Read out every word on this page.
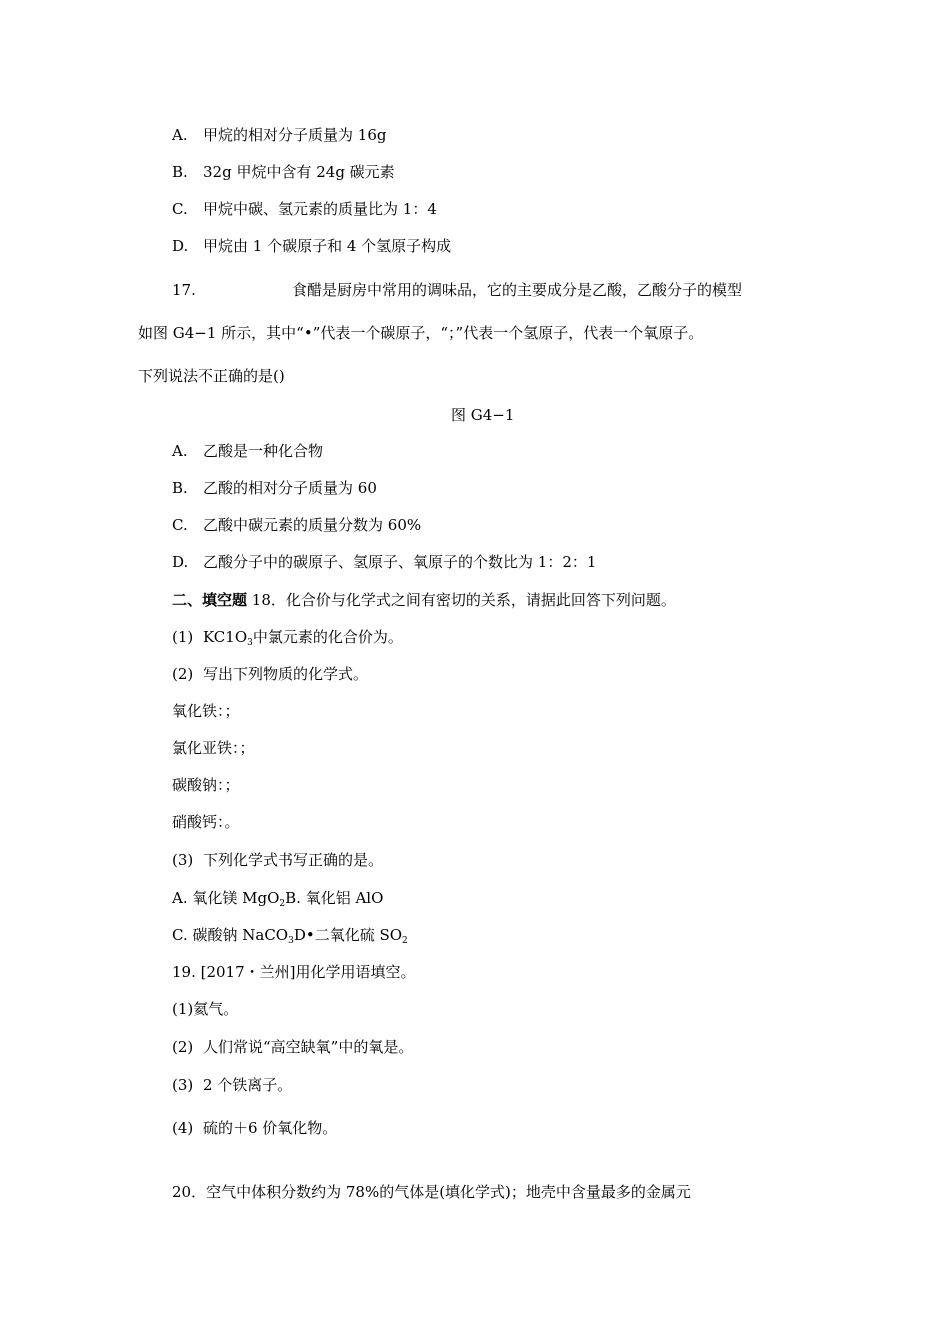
A. 甲烷的相对分子质量为 16g
B. 32g 甲烷中含有 24g 碳元素
C. 甲烷中碳、氢元素的质量比为 1：4
D. 甲烷由 1 个碳原子和 4 个氢原子构成
17.	食醋是厨房中常用的调味品，它的主要成分是乙酸，乙酸分子的模型
如图 G4−1 所示，其中“•”代表一个碳原子，“；”代表一个氢原子，代表一个氧原子。
下列说法不正确的是()
图 G4−1
A. 乙酸是一种化合物
B. 乙酸的相对分子质量为 60
C. 乙酸中碳元素的质量分数为 60%
D. 乙酸分子中的碳原子、氢原子、氧原子的个数比为 1：2：1
二、填空题 18．化合价与化学式之间有密切的关系，请据此回答下列问题。
(1) $KC1O_3$中氯元素的化合价为。
(2) 写出下列物质的化学式。
氧化铁：；
氯化亚铁：；
碳酸钠：；
硝酸钙：。
(3) 下列化学式书写正确的是。
A. 氧化镁 MgO$_2$B. 氧化铝 AlO
C. 碳酸钠 NaCO$_3$D•二氧化硫 $SO_2$
19. [2017・兰州]用化学用语填空。
(1)氦气。
(2) 人们常说“高空缺氧”中的氧是。
(3) 2 个铁离子。
(4) 硫的＋6 价氧化物。
20．空气中体积分数约为 78%的气体是(填化学式)；地壳中含量最多的金属元
